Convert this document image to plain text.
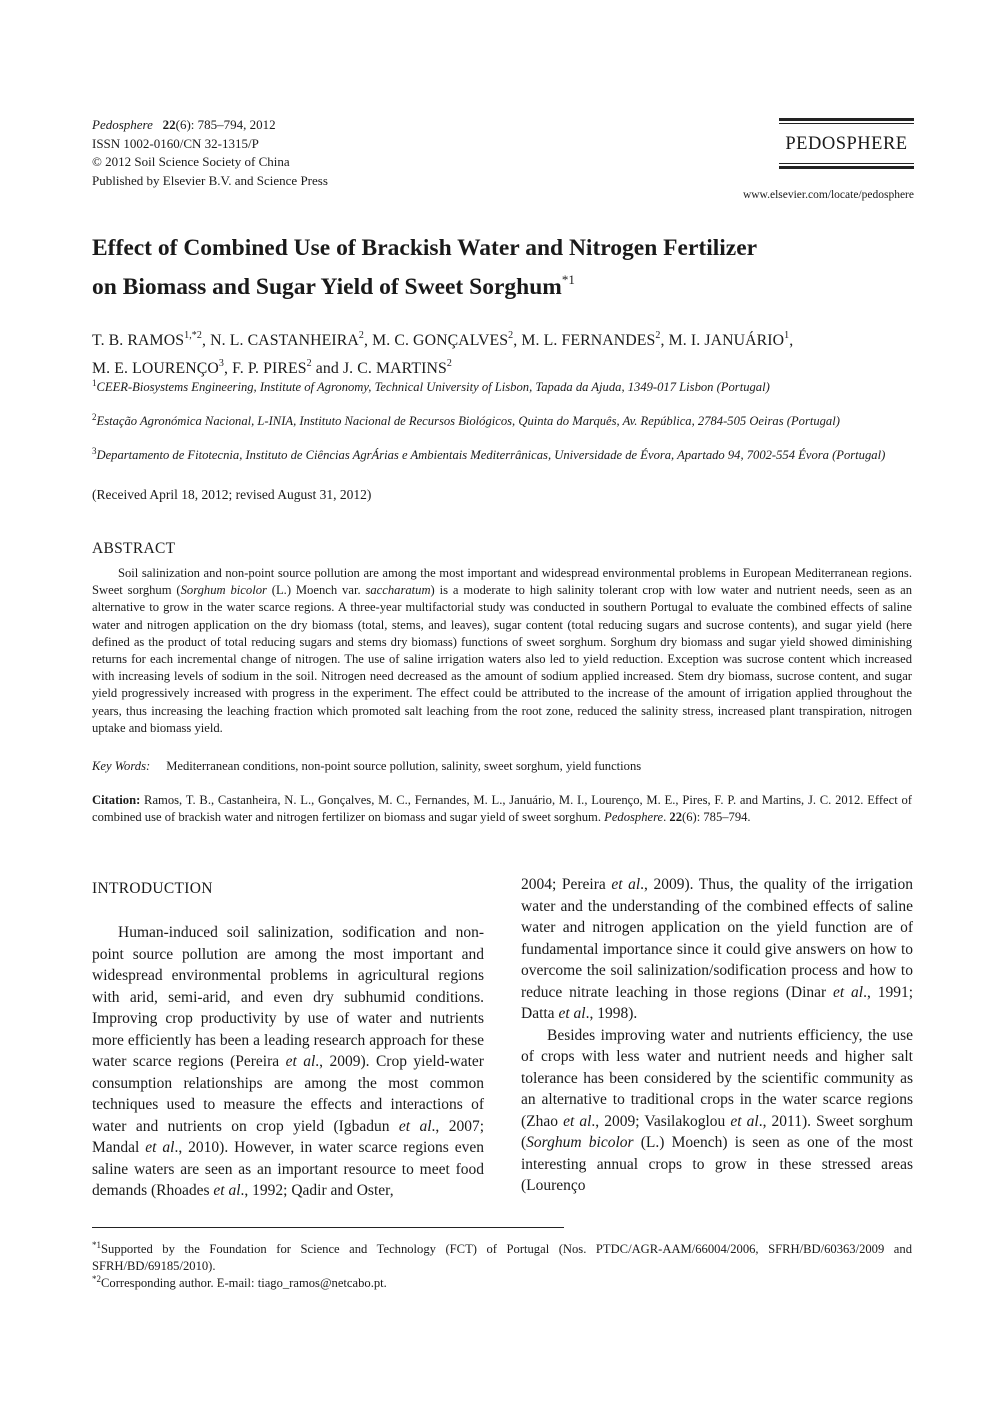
Pedosphere 22(6): 785–794, 2012
ISSN 1002-0160/CN 32-1315/P
© 2012 Soil Science Society of China
Published by Elsevier B.V. and Science Press
PEDOSPHERE
www.elsevier.com/locate/pedosphere
Effect of Combined Use of Brackish Water and Nitrogen Fertilizer
on Biomass and Sugar Yield of Sweet Sorghum$^{*1}$
T. B. $RAMOS^{1,*2}$, N. L. CASTANHEIRA$^2$, M. C. GONÇALVES$^2$, M. L. FERNANDES$^2$, M. I. JANUÁRIO$^1$,
M. E. LOURENÇO$^3$, F. P. PIRES$^2$ and J. C. MARTINS$^2$
$^1$CEER-Biosystems Engineering, Institute of Agronomy, Technical University of Lisbon, Tapada da Ajuda, 1349-017 Lisbon (Portugal)
$^2$Estação Agronómica Nacional, L-INIA, Instituto Nacional de Recursos Biológicos, Quinta do Marquês, Av. República, 2784-505 Oeiras (Portugal)
$^3$Departamento de Fitotecnia, Instituto de Ciências AgrÁrias e Ambientais Mediterrânicas, Universidade de Évora, Apartado 94, 7002-554 Évora (Portugal)
(Received April 18, 2012; revised August 31, 2012)
ABSTRACT
Soil salinization and non-point source pollution are among the most important and widespread environmental problems in European Mediterranean regions. Sweet sorghum (Sorghum bicolor (L.) Moench var. saccharatum) is a moderate to high salinity tolerant crop with low water and nutrient needs, seen as an alternative to grow in the water scarce regions. A three-year multifactorial study was conducted in southern Portugal to evaluate the combined effects of saline water and nitrogen application on the dry biomass (total, stems, and leaves), sugar content (total reducing sugars and sucrose contents), and sugar yield (here defined as the product of total reducing sugars and stems dry biomass) functions of sweet sorghum. Sorghum dry biomass and sugar yield showed diminishing returns for each incremental change of nitrogen. The use of saline irrigation waters also led to yield reduction. Exception was sucrose content which increased with increasing levels of sodium in the soil. Nitrogen need decreased as the amount of sodium applied increased. Stem dry biomass, sucrose content, and sugar yield progressively increased with progress in the experiment. The effect could be attributed to the increase of the amount of irrigation applied throughout the years, thus increasing the leaching fraction which promoted salt leaching from the root zone, reduced the salinity stress, increased plant transpiration, nitrogen uptake and biomass yield.
Key Words: Mediterranean conditions, non-point source pollution, salinity, sweet sorghum, yield functions
Citation: Ramos, T. B., Castanheira, N. L., Gonçalves, M. C., Fernandes, M. L., Januário, M. I., Lourenço, M. E., Pires, F. P. and Martins, J. C. 2012. Effect of combined use of brackish water and nitrogen fertilizer on biomass and sugar yield of sweet sorghum. Pedosphere. 22(6): 785–794.
INTRODUCTION
Human-induced soil salinization, sodification and non-point source pollution are among the most important and widespread environmental problems in agricultural regions with arid, semi-arid, and even dry subhumid conditions. Improving crop productivity by use of water and nutrients more efficiently has been a leading research approach for these water scarce regions (Pereira et al., 2009). Crop yield-water consumption relationships are among the most common techniques used to measure the effects and interactions of water and nutrients on crop yield (Igbadun et al., 2007; Mandal et al., 2010). However, in water scarce regions even saline waters are seen as an important resource to meet food demands (Rhoades et al., 1992; Qadir and Oster,
2004; Pereira et al., 2009). Thus, the quality of the irrigation water and the understanding of the combined effects of saline water and nitrogen application on the yield function are of fundamental importance since it could give answers on how to overcome the soil salinization/sodification process and how to reduce nitrate leaching in those regions (Dinar et al., 1991; Datta et al., 1998).
Besides improving water and nutrients efficiency, the use of crops with less water and nutrient needs and higher salt tolerance has been considered by the scientific community as an alternative to traditional crops in the water scarce regions (Zhao et al., 2009; Vasilakoglou et al., 2011). Sweet sorghum (Sorghum bicolor (L.) Moench) is seen as one of the most interesting annual crops to grow in these stressed areas (Lourenço
$^{*1}$Supported by the Foundation for Science and Technology (FCT) of Portugal (Nos. PTDC/AGR-AAM/66004/2006, SFRH/BD/60363/2009 and SFRH/BD/69185/2010).
$^{*2}$Corresponding author. E-mail: tiago_ramos@netcabo.pt.
